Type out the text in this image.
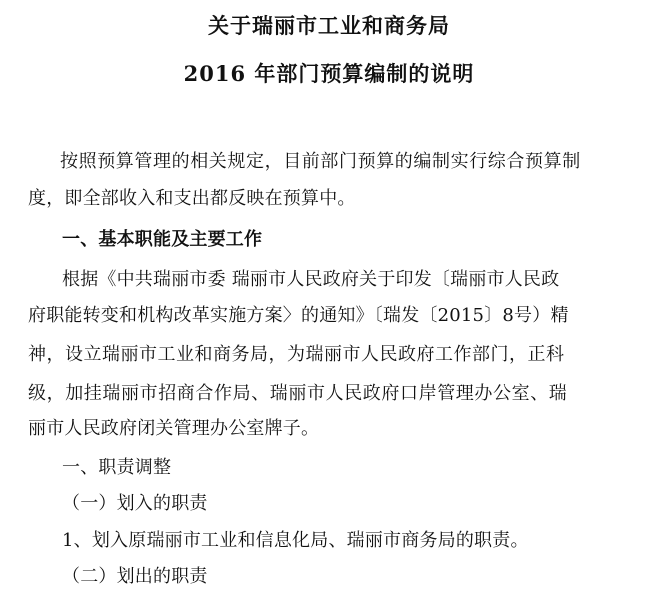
关于瑞丽市工业和商务局
2016 年部门预算编制的说明
按照预算管理的相关规定，目前部门预算的编制实行综合预算制
度，即全部收入和支出都反映在预算中。
一、基本职能及主要工作
根据《中共瑞丽市委 瑞丽市人民政府关于印发〔瑞丽市人民政
府职能转变和机构改革实施方案〉的通知》〔瑞发〔2015〕8号）精
神，设立瑞丽市工业和商务局，为瑞丽市人民政府工作部门，正科
级，加挂瑞丽市招商合作局、瑞丽市人民政府口岸管理办公室、瑞
丽市人民政府闭关管理办公室牌子。
一、职责调整
（一）划入的职责
1、划入原瑞丽市工业和信息化局、瑞丽市商务局的职责。
（二）划出的职责
